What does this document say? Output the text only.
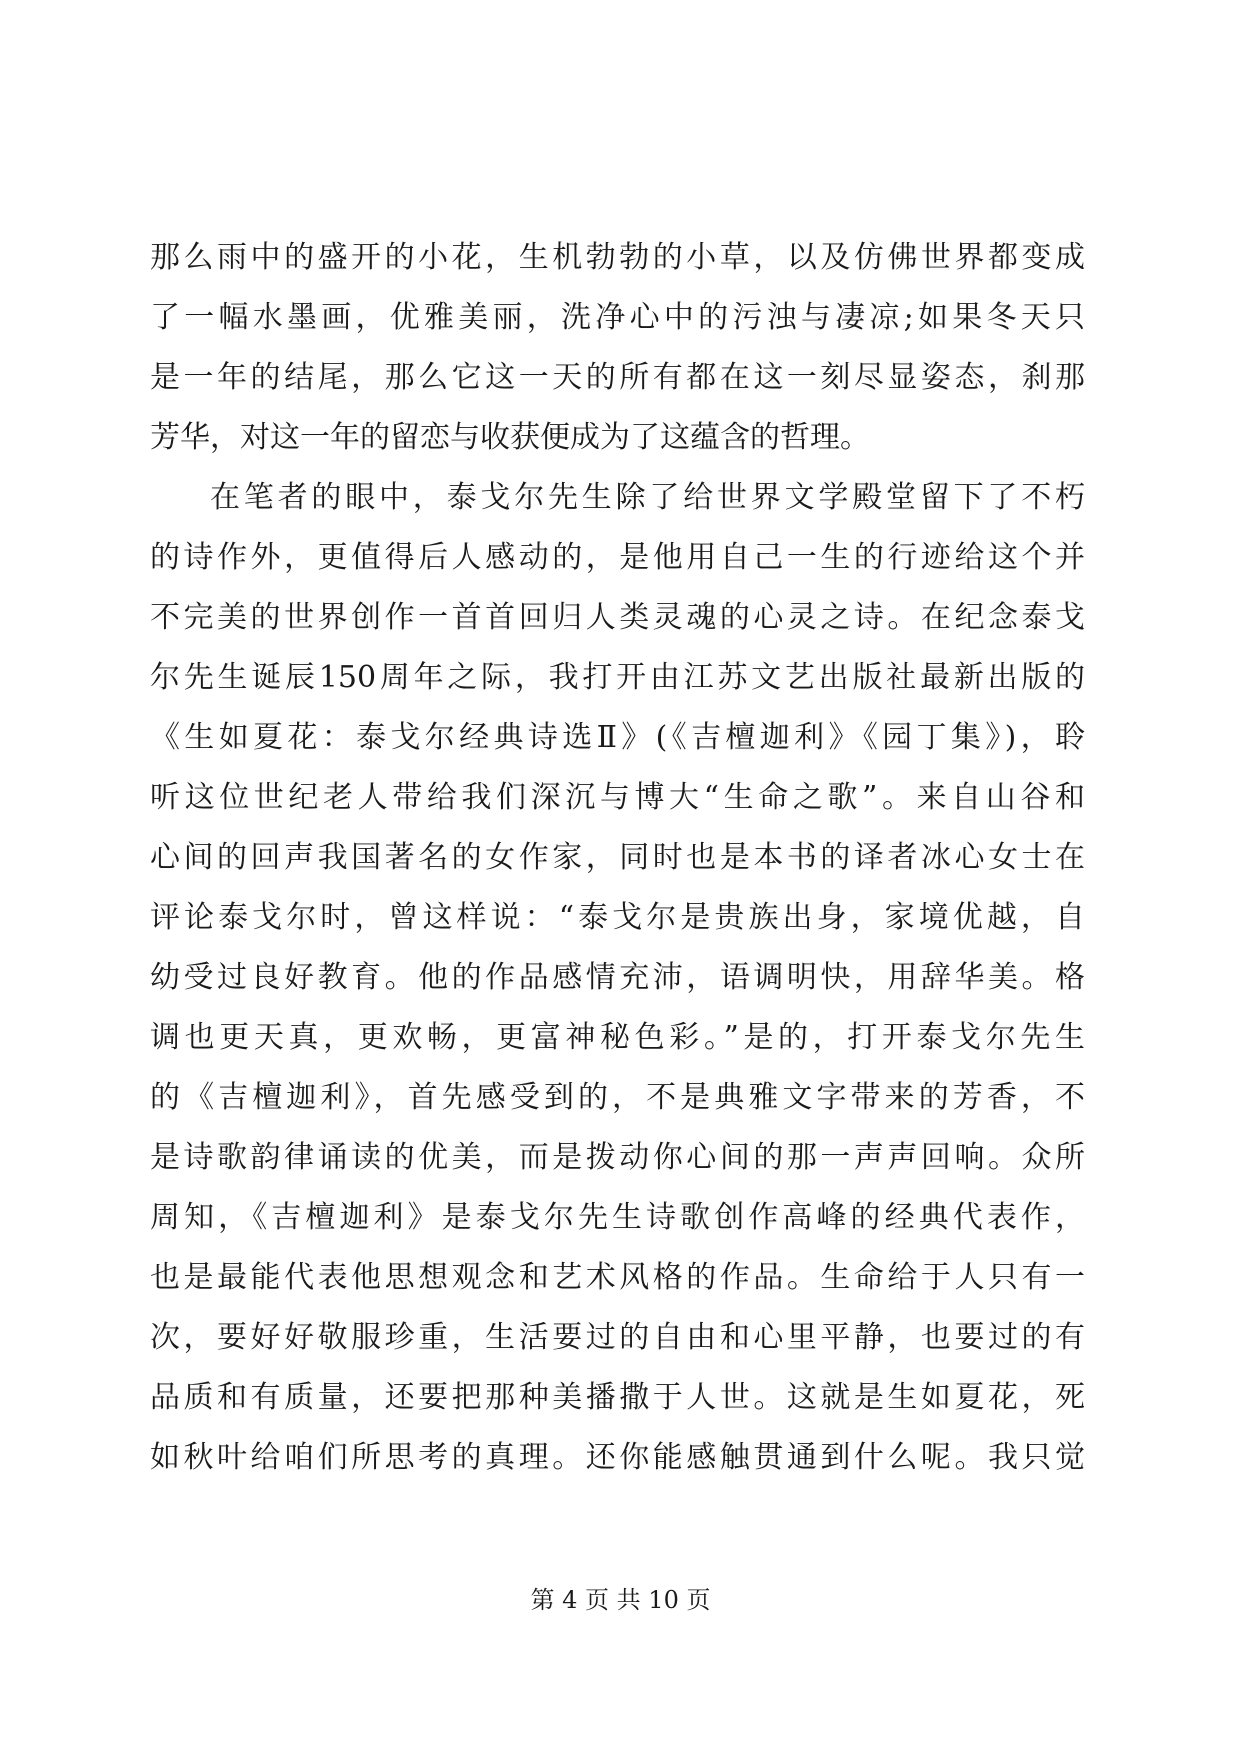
那么雨中的盛开的小花，生机勃勃的小草，以及仿佛世界都变成
了一幅水墨画，优雅美丽，洗净心中的污浊与凄凉;如果冬天只
是一年的结尾，那么它这一天的所有都在这一刻尽显姿态，刹那
芳华，对这一年的留恋与收获便成为了这蕴含的哲理。
在笔者的眼中，泰戈尔先生除了给世界文学殿堂留下了不朽
的诗作外，更值得后人感动的，是他用自己一生的行迹给这个并
不完美的世界创作一首首回归人类灵魂的心灵之诗。在纪念泰戈
尔先生诞辰150周年之际，我打开由江苏文艺出版社最新出版的
《生如夏花：泰戈尔经典诗选Ⅱ》(《吉檀迦利》《园丁集》)，聆
听这位世纪老人带给我们深沉与博大“生命之歌”。来自山谷和
心间的回声我国著名的女作家，同时也是本书的译者冰心女士在
评论泰戈尔时，曾这样说：“泰戈尔是贵族出身，家境优越，自
幼受过良好教育。他的作品感情充沛，语调明快，用辞华美。格
调也更天真，更欢畅，更富神秘色彩。”是的，打开泰戈尔先生
的《吉檀迦利》，首先感受到的，不是典雅文字带来的芳香，不
是诗歌韵律诵读的优美，而是拨动你心间的那一声声回响。众所
周知，《吉檀迦利》是泰戈尔先生诗歌创作高峰的经典代表作，
也是最能代表他思想观念和艺术风格的作品。生命给于人只有一
次，要好好敬服珍重，生活要过的自由和心里平静，也要过的有
品质和有质量，还要把那种美播撒于人世。这就是生如夏花，死
如秋叶给咱们所思考的真理。还你能感触贯通到什么呢。我只觉
第 4 页 共 10 页
